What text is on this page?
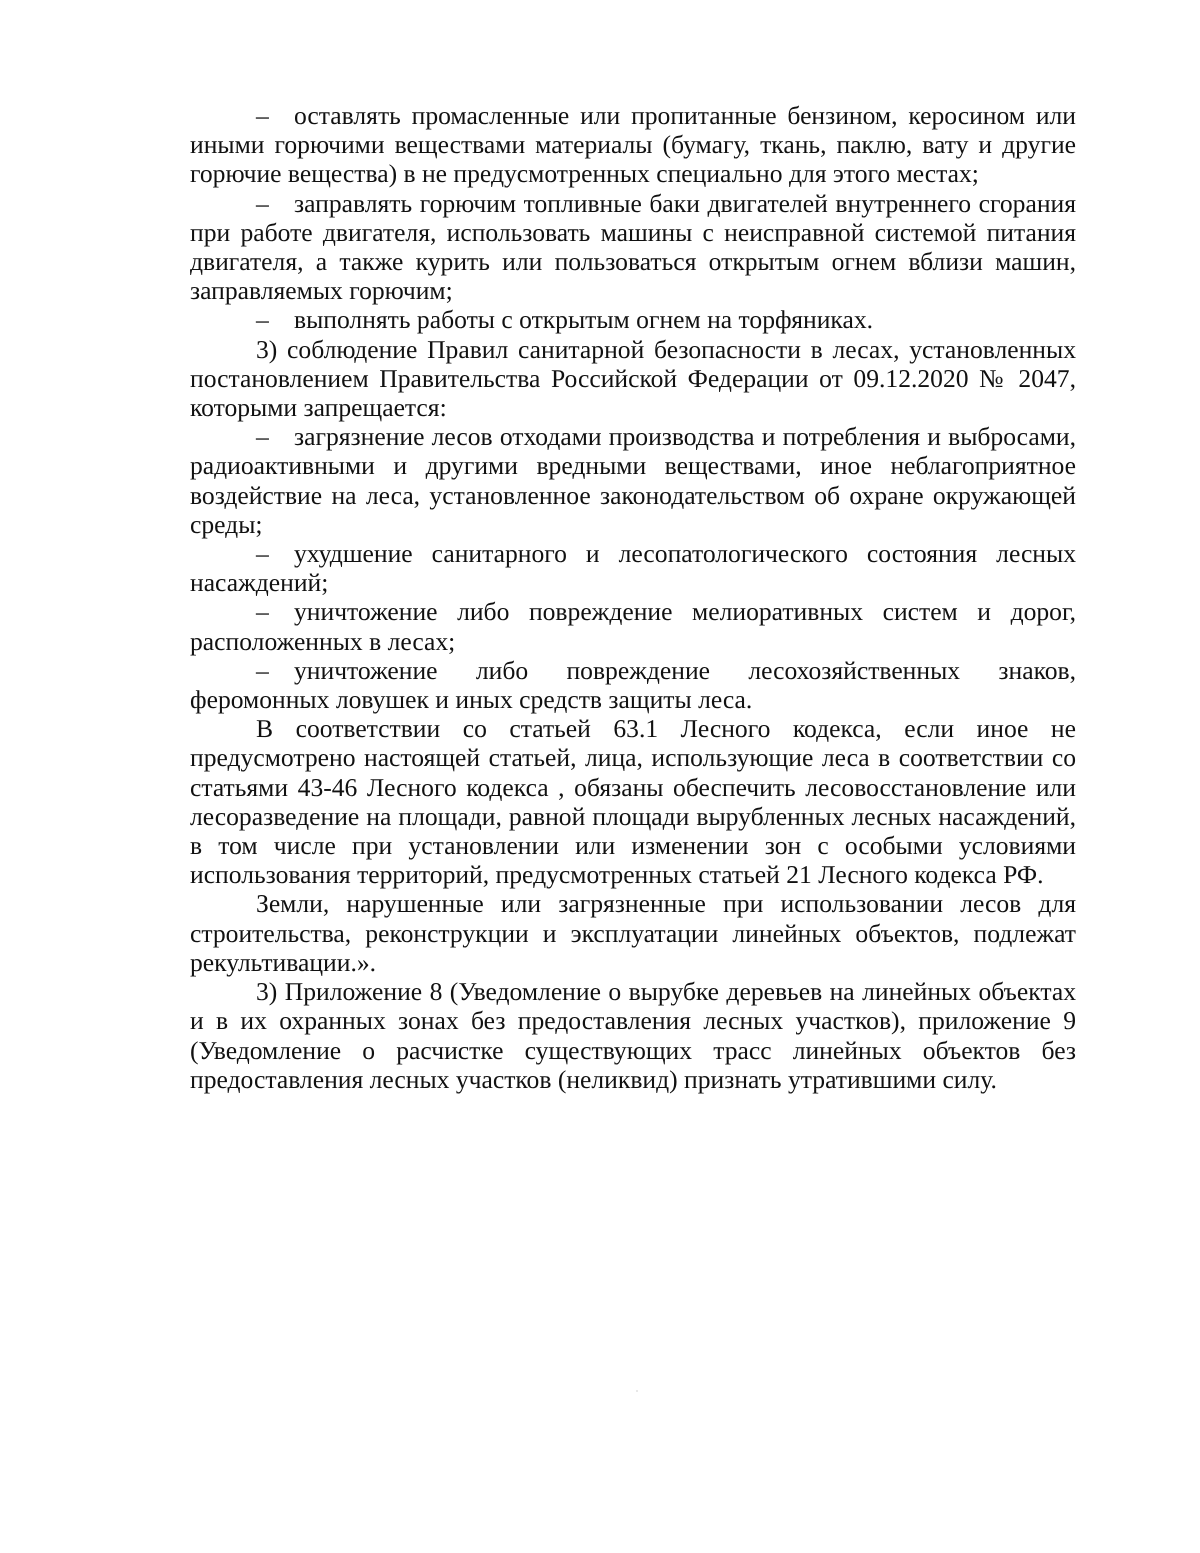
– оставлять промасленные или пропитанные бензином, керосином или иными горючими веществами материалы (бумагу, ткань, паклю, вату и другие горючие вещества) в не предусмотренных специально для этого местах;

– заправлять горючим топливные баки двигателей внутреннего сгорания при работе двигателя, использовать машины с неисправной системой питания двигателя, а также курить или пользоваться открытым огнем вблизи машин, заправляемых горючим;

– выполнять работы с открытым огнем на торфяниках.

3) соблюдение Правил санитарной безопасности в лесах, установленных постановлением Правительства Российской Федерации от 09.12.2020 № 2047, которыми запрещается:

– загрязнение лесов отходами производства и потребления и выбросами, радиоактивными и другими вредными веществами, иное неблагоприятное воздействие на леса, установленное законодательством об охране окружающей среды;

– ухудшение санитарного и лесопатологического состояния лесных насаждений;

– уничтожение либо повреждение мелиоративных систем и дорог, расположенных в лесах;

– уничтожение либо повреждение лесохозяйственных знаков, феромонных ловушек и иных средств защиты леса.

В соответствии со статьей 63.1 Лесного кодекса, если иное не предусмотрено настоящей статьей, лица, использующие леса в соответствии со статьями 43-46 Лесного кодекса , обязаны обеспечить лесовосстановление или лесоразведение на площади, равной площади вырубленных лесных насаждений, в том числе при установлении или изменении зон с особыми условиями использования территорий, предусмотренных статьей 21 Лесного кодекса РФ.

Земли, нарушенные или загрязненные при использовании лесов для строительства, реконструкции и эксплуатации линейных объектов, подлежат рекультивации.».

3) Приложение 8 (Уведомление о вырубке деревьев на линейных объектах и в их охранных зонах без предоставления лесных участков), приложение 9 (Уведомление о расчистке существующих трасс линейных объектов без предоставления лесных участков (неликвид) признать утратившими силу.
